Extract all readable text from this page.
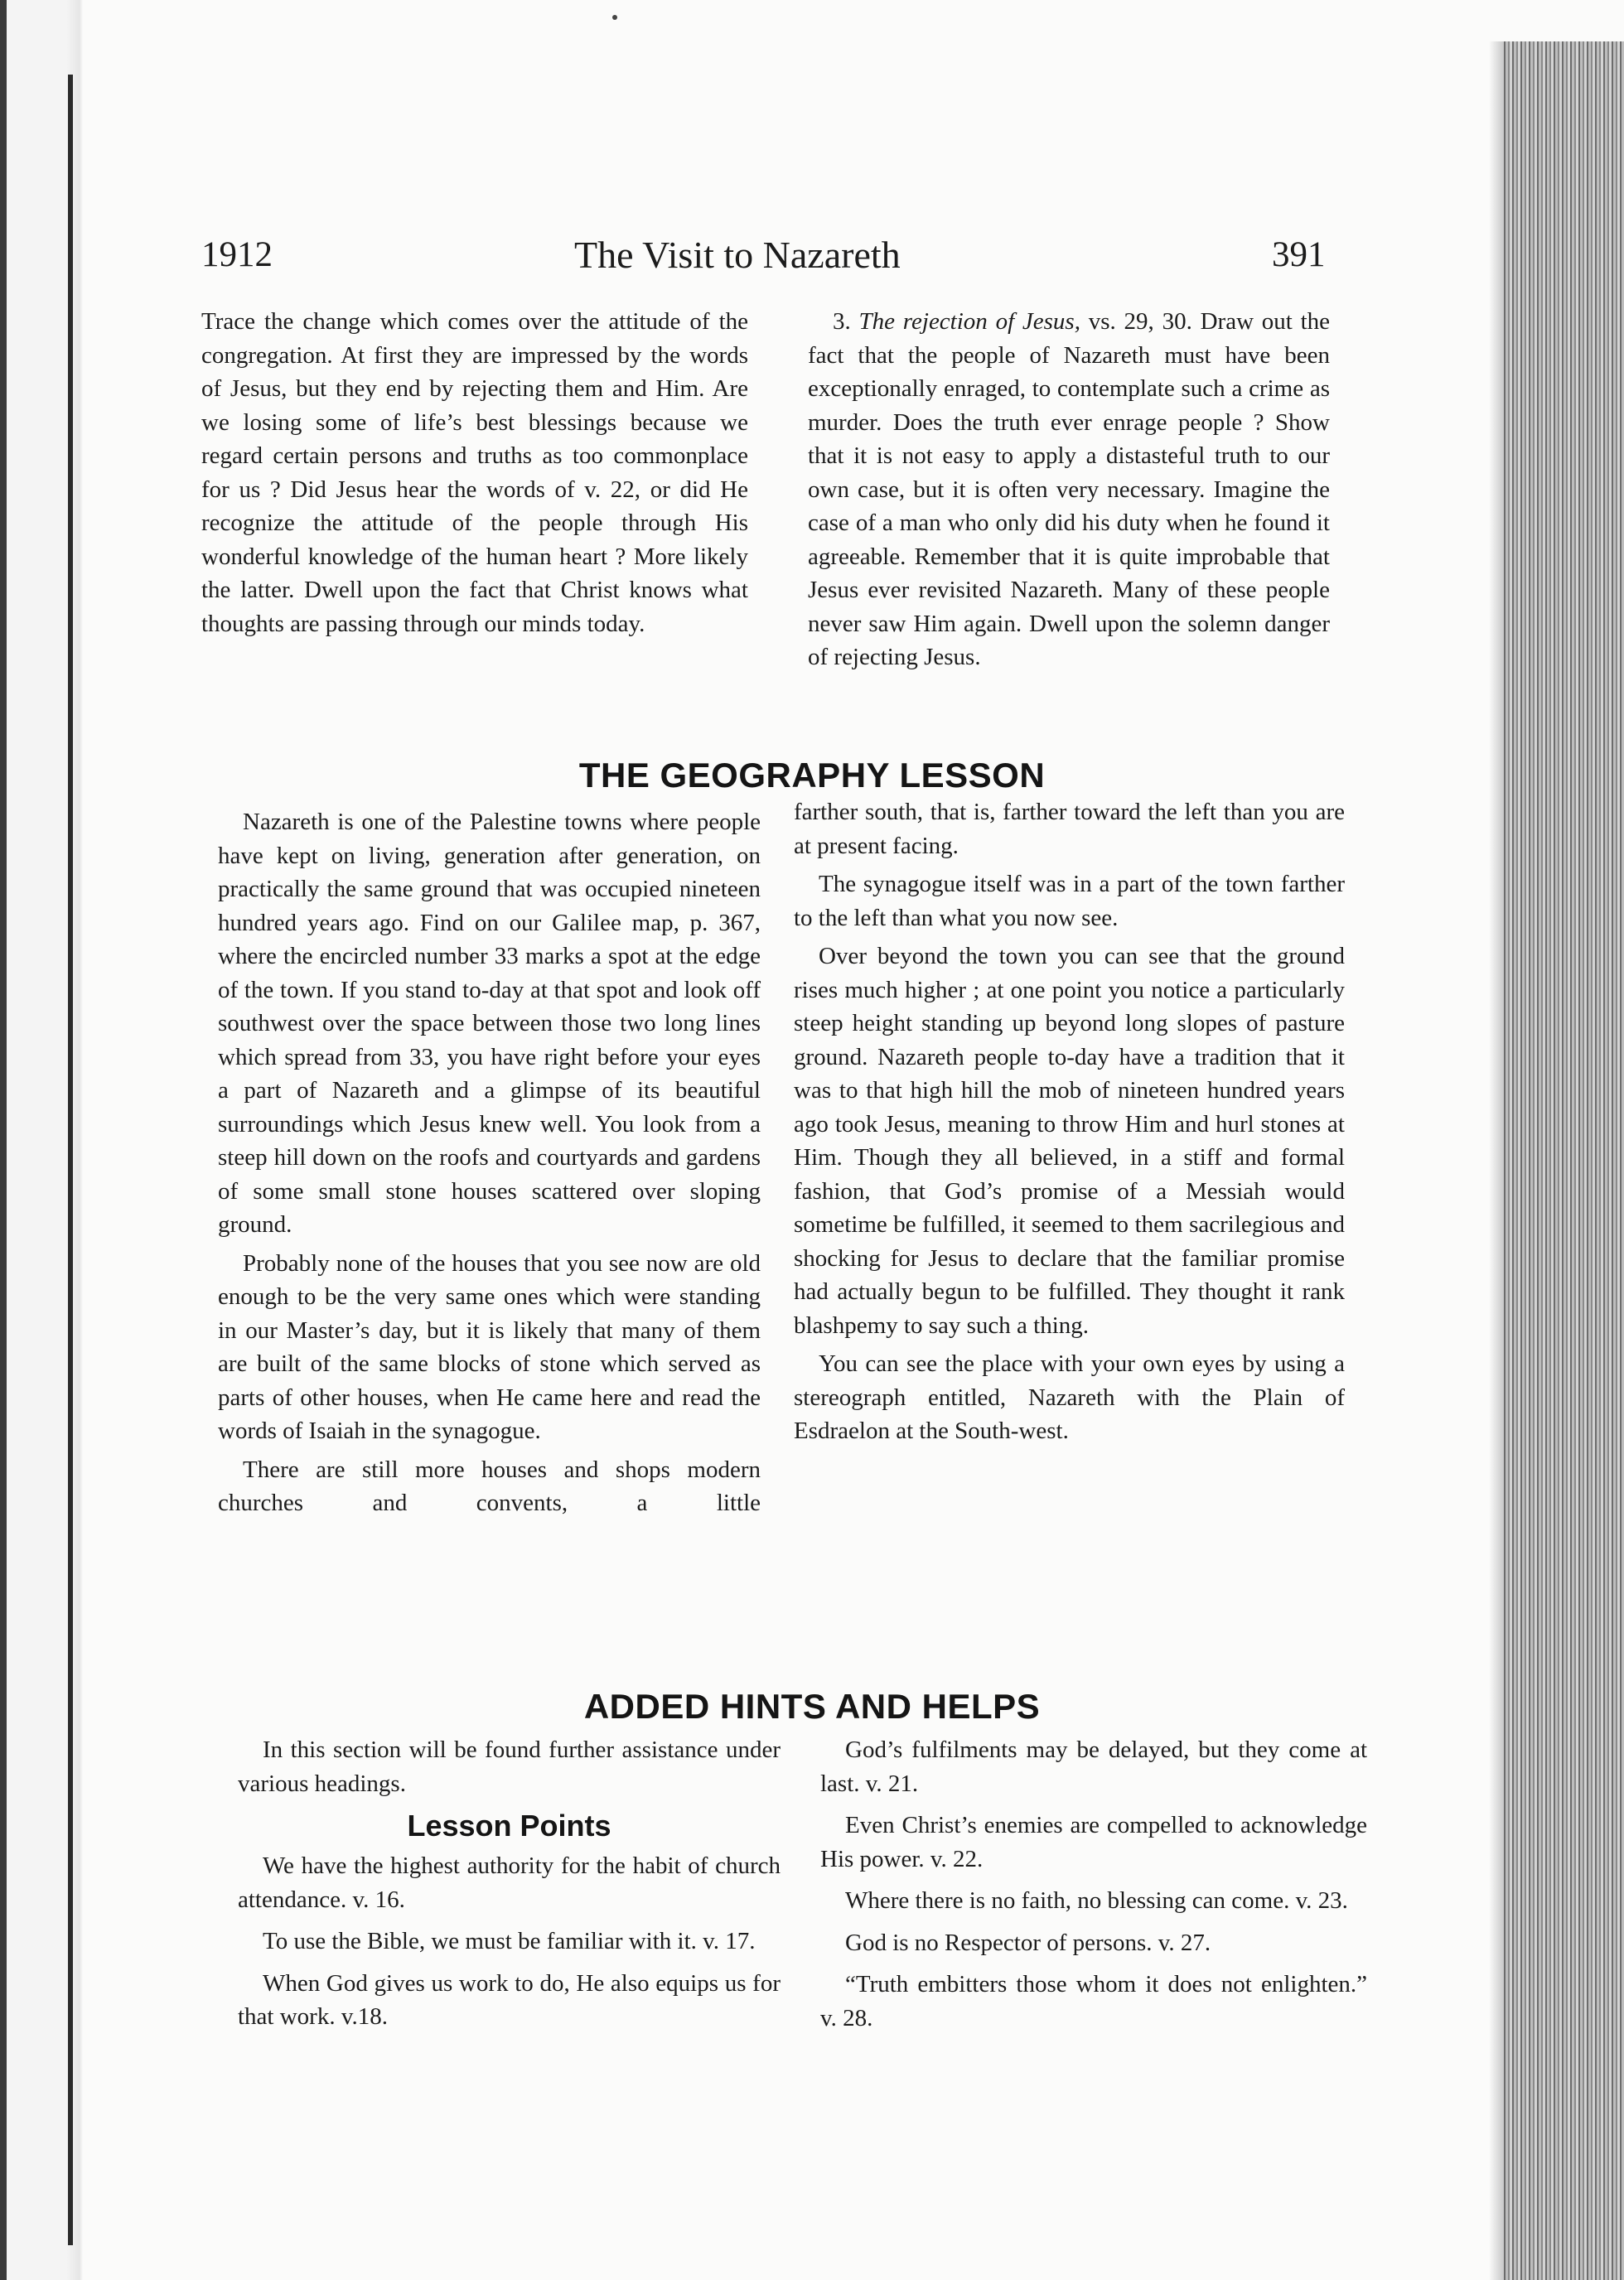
1912	The Visit to Nazareth	391

Trace the change which comes over the attitude of the congregation. At first they are impressed by the words of Jesus, but they end by rejecting them and Him. Are we losing some of life’s best blessings because we regard certain persons and truths as too commonplace for us ? Did Jesus hear the words of v. 22, or did He recognize the attitude of the people through His wonderful knowledge of the human heart ? More likely the latter. Dwell upon the fact that Christ knows what thoughts are passing through our minds today.

3. The rejection of Jesus, vs. 29, 30. Draw out the fact that the people of Nazareth must have been exceptionally enraged, to contemplate such a crime as murder. Does the truth ever enrage people ? Show that it is not easy to apply a distasteful truth to our own case, but it is often very necessary. Imagine the case of a man who only did his duty when he found it agreeable. Remember that it is quite improbable that Jesus ever revisited Nazareth. Many of these people never saw Him again. Dwell upon the solemn danger of rejecting Jesus.

THE GEOGRAPHY LESSON

Nazareth is one of the Palestine towns where people have kept on living, generation after generation, on practically the same ground that was occupied nineteen hundred years ago. Find on our Galilee map, p. 367, where the encircled number 33 marks a spot at the edge of the town. If you stand to-day at that spot and look off southwest over the space between those two long lines which spread from 33, you have right before your eyes a part of Nazareth and a glimpse of its beautiful surroundings which Jesus knew well. You look from a steep hill down on the roofs and courtyards and gardens of some small stone houses scattered over sloping ground.

Probably none of the houses that you see now are old enough to be the very same ones which were standing in our Master’s day, but it is likely that many of them are built of the same blocks of stone which served as parts of other houses, when He came here and read the words of Isaiah in the synagogue.

There are still more houses and shops modern churches and convents, a little

farther south, that is, farther toward the left than you are at present facing.

The synagogue itself was in a part of the town farther to the left than what you now see.

Over beyond the town you can see that the ground rises much higher ; at one point you notice a particularly steep height standing up beyond long slopes of pasture ground. Nazareth people to-day have a tradition that it was to that high hill the mob of nineteen hundred years ago took Jesus, meaning to throw Him and hurl stones at Him. Though they all believed, in a stiff and formal fashion, that God’s promise of a Messiah would sometime be fulfilled, it seemed to them sacrilegious and shocking for Jesus to declare that the familiar promise had actually begun to be fulfilled. They thought it rank blashpemy to say such a thing.

You can see the place with your own eyes by using a stereograph entitled, Nazareth with the Plain of Esdraelon at the South-west.

ADDED HINTS AND HELPS

In this section will be found further assistance under various headings.

Lesson Points

We have the highest authority for the habit of church attendance. v. 16.

To use the Bible, we must be familiar with it. v. 17.

When God gives us work to do, He also equips us for that work. v.18.

God’s fulfilments may be delayed, but they come at last. v. 21.

Even Christ’s enemies are compelled to acknowledge His power. v. 22.

Where there is no faith, no blessing can come. v. 23.

God is no Respector of persons. v. 27.

“Truth embitters those whom it does not enlighten.” v. 28.
